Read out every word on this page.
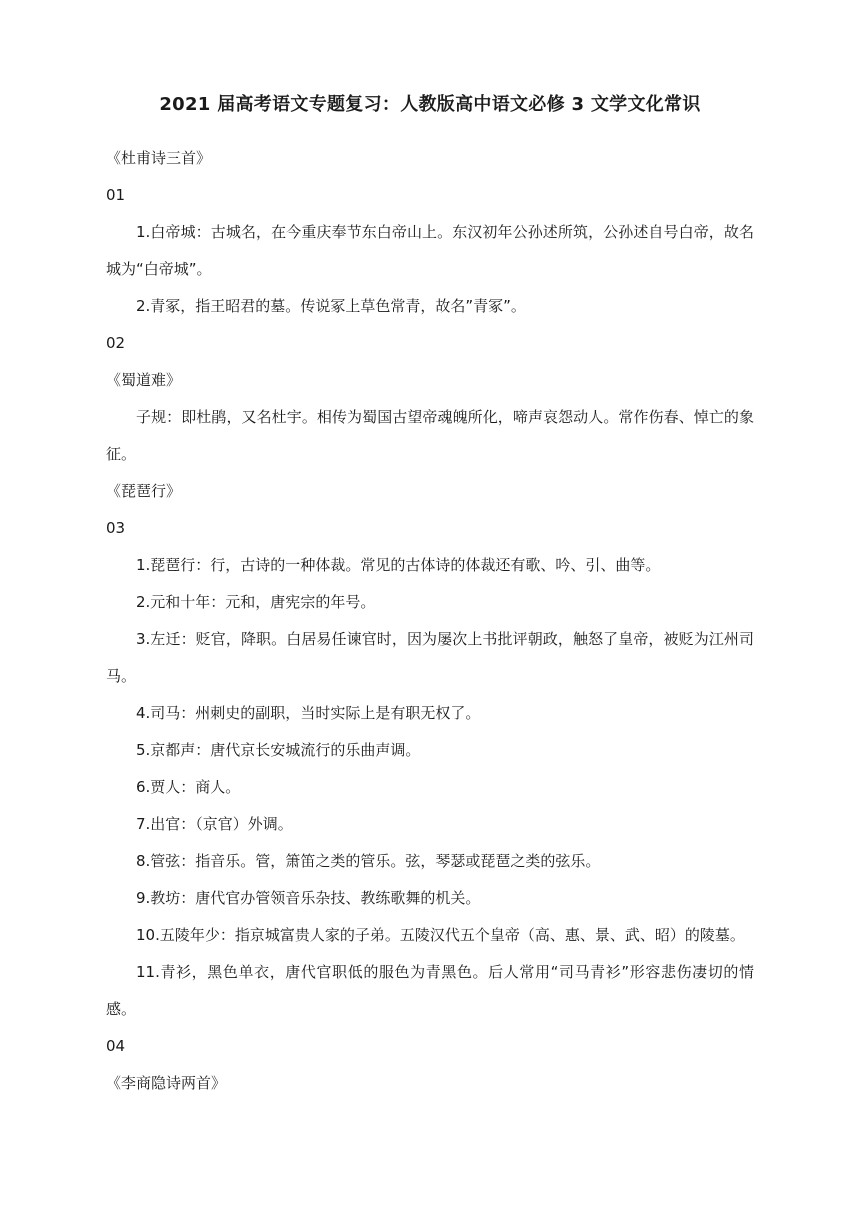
2021 届高考语文专题复习：人教版高中语文必修 3 文学文化常识
《杜甫诗三首》
01
1.白帝城：古城名，在今重庆奉节东白帝山上。东汉初年公孙述所筑，公孙述自号白帝，故名城为“白帝城”。
2.青冢，指王昭君的墓。传说冢上草色常青，故名”青冢”。
02
《蜀道难》
子规：即杜鹃，又名杜宇。相传为蜀国古望帝魂魄所化，啼声哀怨动人。常作伤春、悼亡的象征。
《琵琶行》
03
1.琵琶行：行，古诗的一种体裁。常见的古体诗的体裁还有歌、吟、引、曲等。
2.元和十年：元和，唐宪宗的年号。
3.左迁：贬官，降职。白居易任谏官时，因为屡次上书批评朝政，触怒了皇帝，被贬为江州司马。
4.司马：州刺史的副职，当时实际上是有职无权了。
5.京都声：唐代京长安城流行的乐曲声调。
6.贾人：商人。
7.出官：（京官）外调。
8.管弦：指音乐。管，箫笛之类的管乐。弦，琴瑟或琵琶之类的弦乐。
9.教坊：唐代官办管领音乐杂技、教练歌舞的机关。
10.五陵年少：指京城富贵人家的子弟。五陵汉代五个皇帝（高、惠、景、武、昭）的陵墓。
11.青衫，黑色单衣，唐代官职低的服色为青黑色。后人常用“司马青衫”形容悲伤凄切的情感。
04
《李商隐诗两首》
